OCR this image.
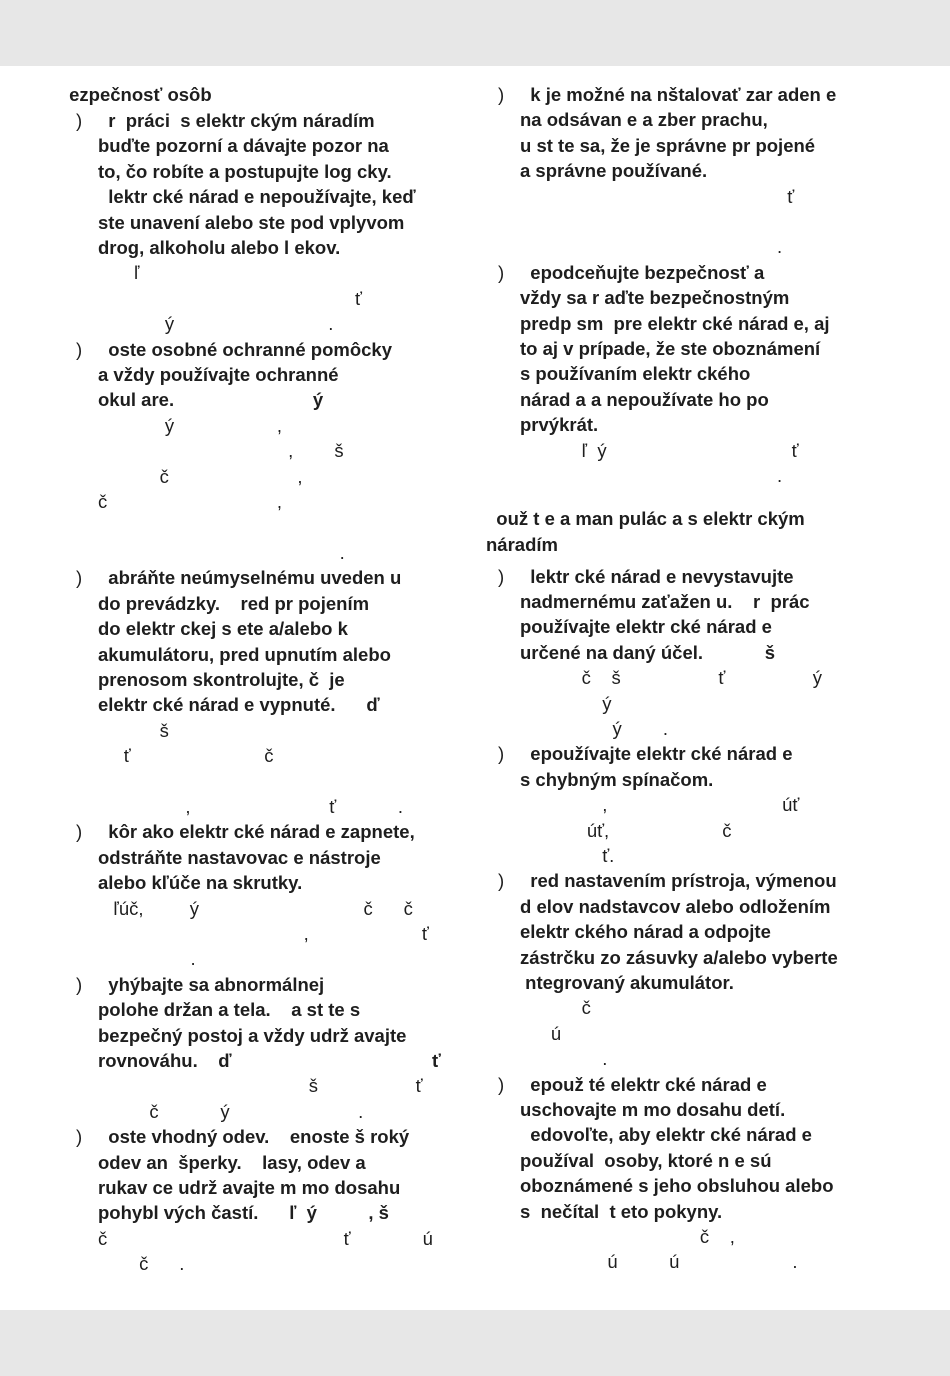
ezpečnosť osôb
) r  práci  s elektr ckým náradím

buďte pozorní a dávajte pozor na

to, čo robíte a postupujte log cky.

lektr cké nárad e nepoužívajte, keď

ste unavení alebo ste pod vplyvom

drog, alkoholu alebo l ekov.

ľ

ť

ý                              .

) oste osobné ochranné pomôcky

a vždy používajte ochranné

okul are.                           ý

ý                    ,

,        š

č                         ,

č                                 ,

.

) abráňte neúmyselnému uveden u

do prevádzky.    red pr pojením

do elektr ckej s ete a/alebo k

akumulátoru, pred upnutím alebo

prenosom skontrolujte, č  je

elektr cké nárad e vypnuté.      ď

š

ť                          č

,                           ť            .

) kôr ako elektr cké nárad e zapnete,

odstráňte nastavovac e nástroje

alebo kľúče na skrutky.

ľúč,         ý                                č      č

,                      ť

.

) yhýbajte sa abnormálnej

polohe držan a tela.    a st te s

bezpečný postoj a vždy udrž avajte

rovnováhu.    ď                                       ť

š                   ť

č            ý                         .

) oste vhodný odev.    enoste š roký

odev an  šperky.    lasy, odev a

rukav ce udrž avajte m mo dosahu

pohybl vých častí.      ľ  ý          , š

č                                              ť              ú

č      .

) k je možné na nštalovať zar aden e

na odsávan e a zber prachu,

u st te sa, že je správne pr pojené

a správne používané.

ť

.

) epodceňujte bezpečnosť a

vždy sa r aďte bezpečnostným

predp sm  pre elektr cké nárad e, aj

to aj v prípade, že ste oboznámení

s používaním elektr ckého

nárad a a nepoužívate ho po

prvýkrát.

ľ  ý                                    ť

.

ouž t e a man pulác a s elektr ckým
náradím
) lektr cké nárad e nevystavujte

nadmernému zaťažen u.    r  prác

používajte elektr cké nárad e

určené na daný účel.            š

č    š                   ť                 ý

ý

ý        .

) epoužívajte elektr cké nárad e

s chybným spínačom.

,                                  úť

úť,                      č

ť.

) red nastavením prístroja, výmenou

d elov nadstavcov alebo odložením

elektr ckého nárad a odpojte

zástrčku zo zásuvky a/alebo vyberte

ntegrovaný akumulátor.

č

ú

.

) epouž té elektr cké nárad e

uschovajte m mo dosahu detí.

edovoľte, aby elektr cké nárad e

používal  osoby, ktoré n e sú

oboznámené s jeho obsluhou alebo

s  nečítal  t eto pokyny.

č    ,

ú          ú                      .
